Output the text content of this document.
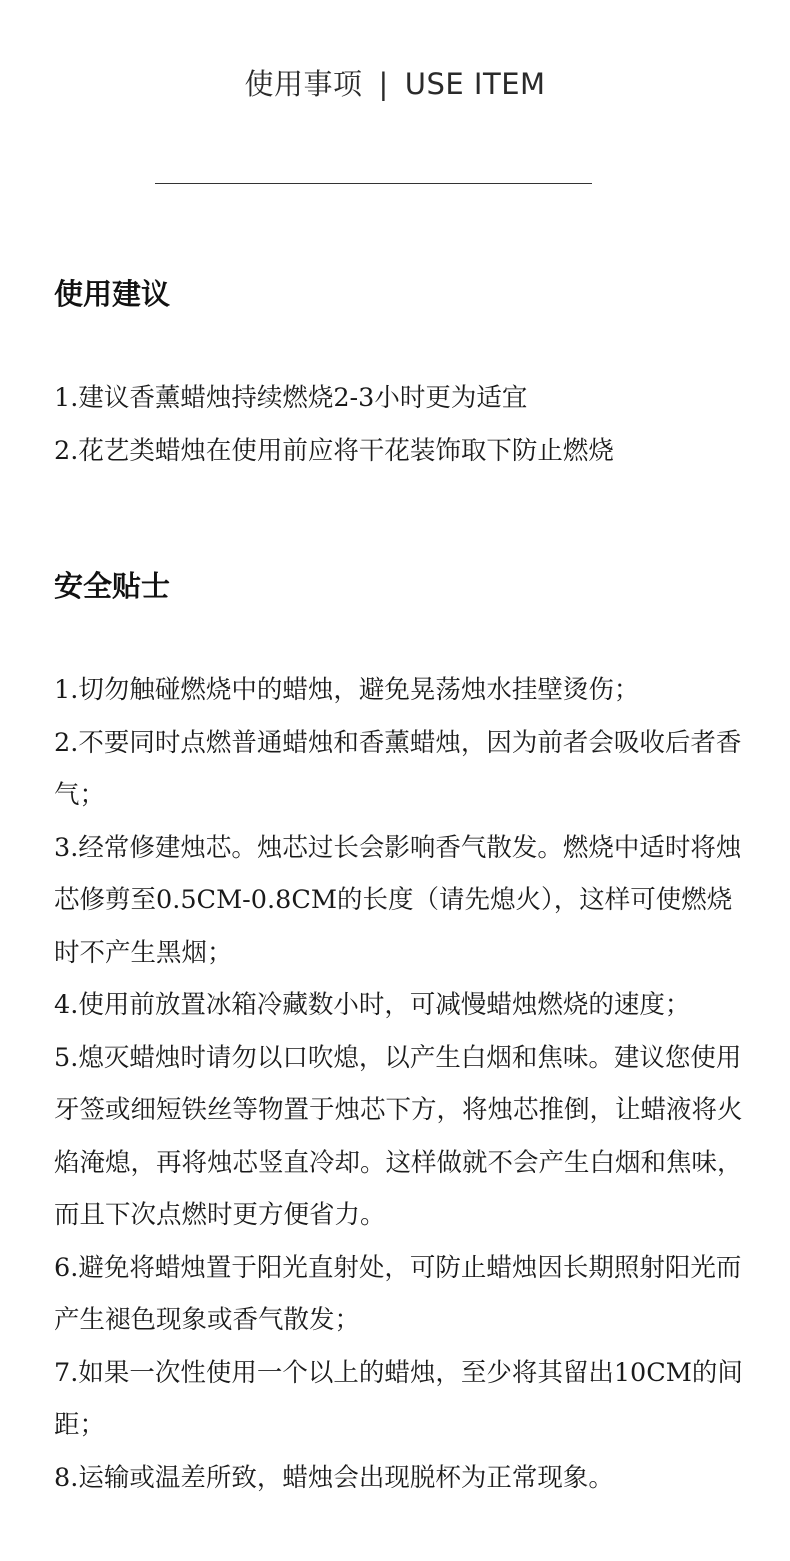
使用事项 | USE ITEM
使用建议
1.建议香薰蜡烛持续燃烧2-3小时更为适宜
2.花艺类蜡烛在使用前应将干花装饰取下防止燃烧
安全贴士
1.切勿触碰燃烧中的蜡烛，避免晃荡烛水挂壁烫伤；
2.不要同时点燃普通蜡烛和香薰蜡烛，因为前者会吸收后者香气；
3.经常修建烛芯。烛芯过长会影响香气散发。燃烧中适时将烛芯修剪至0.5CM-0.8CM的长度（请先熄火），这样可使燃烧时不产生黑烟；
4.使用前放置冰箱冷藏数小时，可减慢蜡烛燃烧的速度；
5.熄灭蜡烛时请勿以口吹熄，以产生白烟和焦味。建议您使用牙签或细短铁丝等物置于烛芯下方，将烛芯推倒，让蜡液将火焰淹熄，再将烛芯竖直冷却。这样做就不会产生白烟和焦味， 而且下次点燃时更方便省力。
6.避免将蜡烛置于阳光直射处，可防止蜡烛因长期照射阳光而产生褪色现象或香气散发；
7.如果一次性使用一个以上的蜡烛，至少将其留出10CM的间距；
8.运输或温差所致，蜡烛会出现脱杯为正常现象。
